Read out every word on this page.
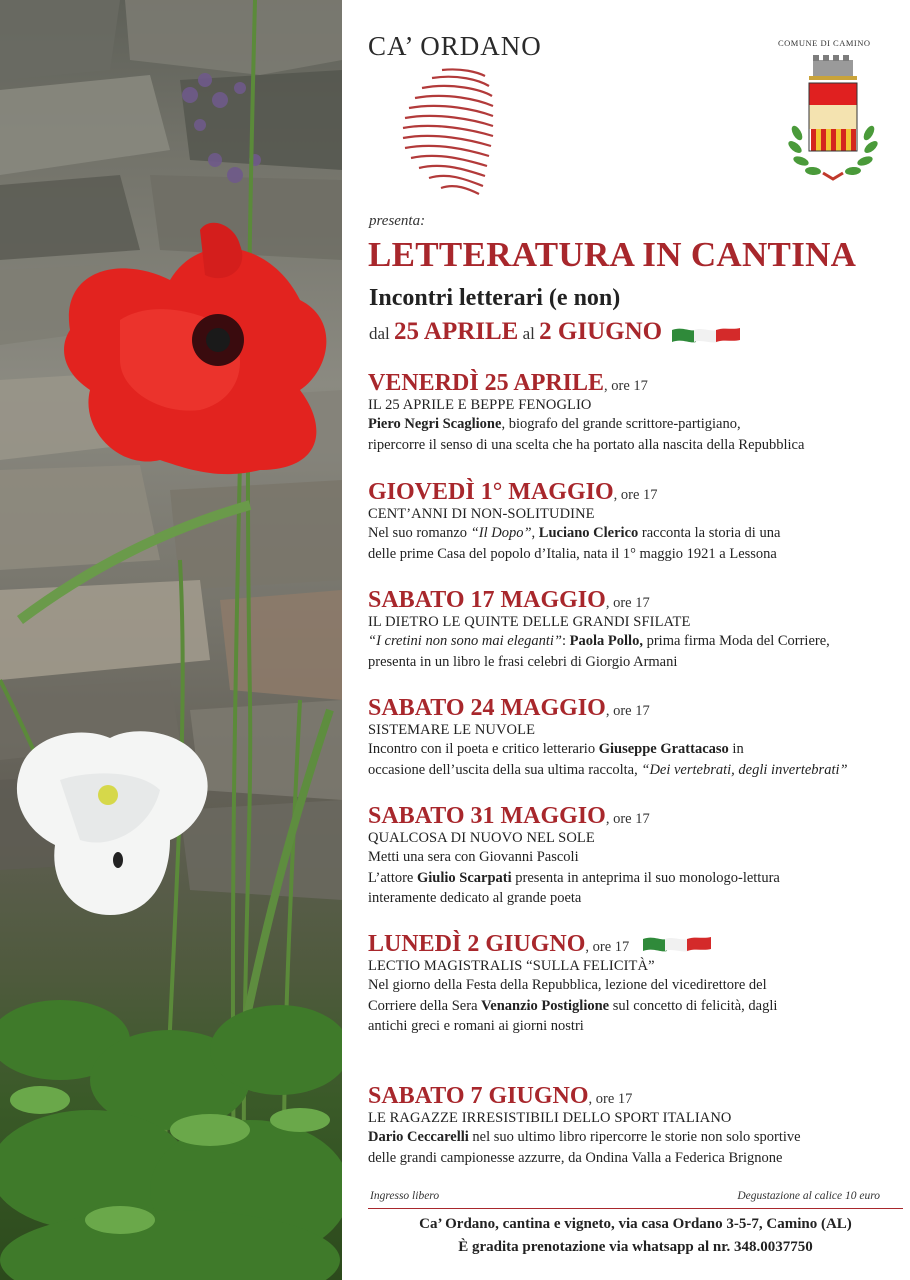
CA’ ORDANO	COMUNE DI CAMINO
presenta:
LETTERATURA IN CANTINA
Incontri letterari (e non)
dal 25 APRILE al 2 GIUGNO
VENERDÌ 25 APRILE, ore 17
IL 25 APRILE E BEPPE FENOGLIO
Piero Negri Scaglione, biografo del grande scrittore-partigiano,
ripercorre il senso di una scelta che ha portato alla nascita della Repubblica
GIOVEDÌ 1° MAGGIO, ore 17
CENT’ANNI DI NON-SOLITUDINE
Nel suo romanzo “Il Dopo”, Luciano Clerico racconta la storia di una
delle prime Casa del popolo d’Italia, nata il 1° maggio 1921 a Lessona
SABATO 17 MAGGIO, ore 17
IL DIETRO LE QUINTE DELLE GRANDI SFILATE
“I cretini non sono mai eleganti”: Paola Pollo, prima firma Moda del Corriere,
presenta in un libro le frasi celebri di Giorgio Armani
SABATO 24 MAGGIO, ore 17
SISTEMARE LE NUVOLE
Incontro con il poeta e critico letterario Giuseppe Grattacaso in
occasione dell’uscita della sua ultima raccolta, “Dei vertebrati, degli invertebrati”
SABATO 31 MAGGIO, ore 17
QUALCOSA DI NUOVO NEL SOLE
Metti una sera con Giovanni Pascoli
L’attore Giulio Scarpati presenta in anteprima il suo monologo-lettura
interamente dedicato al grande poeta
LUNEDÌ 2 GIUGNO, ore 17
LECTIO MAGISTRALIS “SULLA FELICITÀ”
Nel giorno della Festa della Repubblica, lezione del vicedirettore del
Corriere della Sera Venanzio Postiglione sul concetto di felicità, dagli
antichi greci e romani ai giorni nostri
SABATO 7 GIUGNO, ore 17
LE RAGAZZE IRRESISTIBILI DELLO SPORT ITALIANO
Dario Ceccarelli nel suo ultimo libro ripercorre le storie non solo sportive
delle grandi campionesse azzurre, da Ondina Valla a Federica Brignone
Ingresso libero	Degustazione al calice 10 euro
Ca’ Ordano, cantina e vigneto, via casa Ordano 3-5-7, Camino (AL)
È gradita prenotazione via whatsapp al nr. 348.0037750
